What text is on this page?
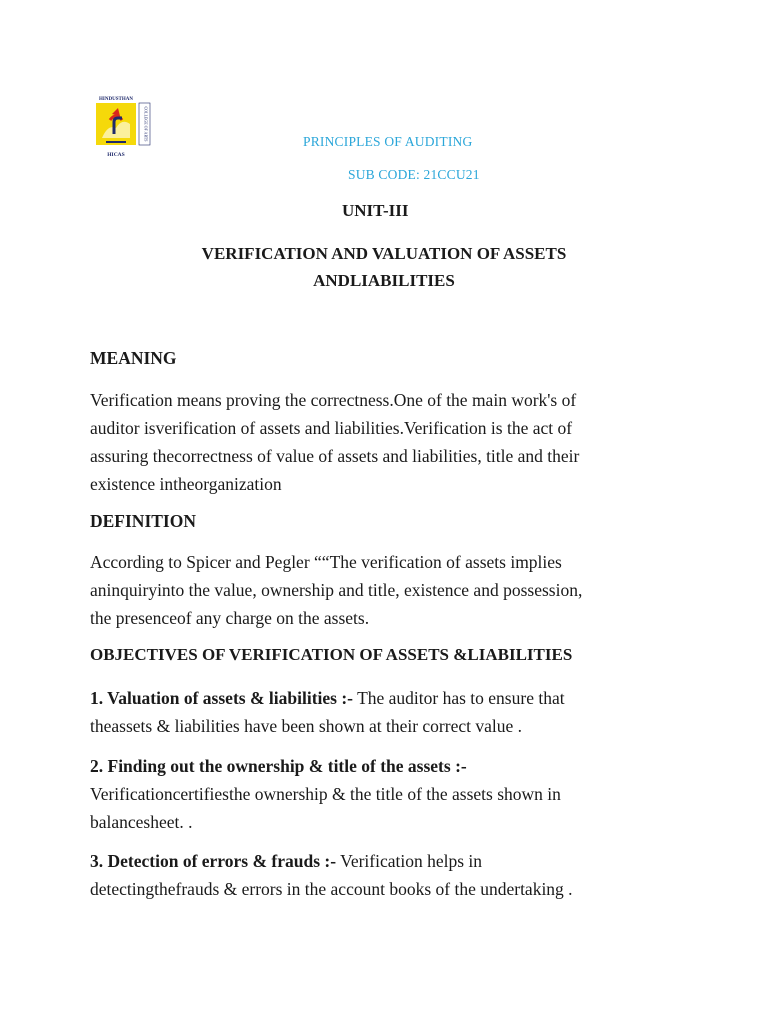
HINDUSTHAN
COLLEGE OF ARTS
HICAS
PRINCIPLES OF AUDITING
SUB CODE: 21CCU21
UNIT-III
VERIFICATION AND VALUATION OF ASSETS
ANDLIABILITIES
MEANING
Verification means proving the correctness.One of the main work's of
auditor isverification of assets and liabilities.Verification is the act of
assuring thecorrectness of value of assets and liabilities, title and their
existence intheorganization
DEFINITION
According to Spicer and Pegler ““The verification of assets implies
aninquiryinto the value, ownership and title, existence and possession,
the presenceof any charge on the assets.
OBJECTIVES OF VERIFICATION OF ASSETS &LIABILITIES
1. Valuation of assets & liabilities :- The auditor has to ensure that
theassets & liabilities have been shown at their correct value .
2. Finding out the ownership & title of the assets :-
Verificationcertifiesthe ownership & the title of the assets shown in
balancesheet. .
3. Detection of errors & frauds :- Verification helps in
detectingthefrauds & errors in the account books of the undertaking .
